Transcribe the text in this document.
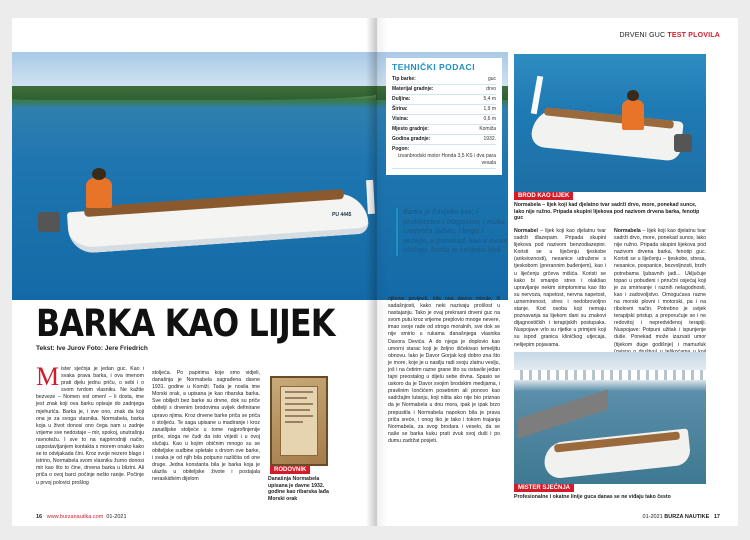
PU 4445
BARKA KAO LIJEK
Tekst: Ive Jurov Foto: Jere Friedrich
M ister sjećnja je jedan guc. Kao i svaka prava barka, i ova imenom prati djelu jednu priču, o sebi i o svom tvrdom vlasniku. Ne kažite bezveze – Nomen est omen! – li dosta, ime jest znak koji ova barku opisuje do zadnjega mjehurića. Barka je, i sve ono, znak da koji ona je za svoga vlasnika. Normabela, barka koja u život donosi ono čega nam u zadnje vrijeme sve nedostaje – mir, spokoj, unutrašnju ravnotežu. I sve to na najprirodniji način, uspostavljanjem kontakta s morem onako kako se to odvijakada čini. Kroz svoje nezero blago i istrino, Normabela svom vlasniku žurno donosi mir kao što to čine, drvena barka u blizini. Ali priča o ovoj barci počinje nešto ranije. Počinje u prvoj polovici prošlog
stoljeća. Po papirima koje smo vidjeli, današnja je Normabela sagrađena davne 1931. godine u Komiži. Tada je nosila ime Morski orak, a upisana je kao ribarska barka. Sve obilježi bez barke su drvne, dok su priče obitelji s drvenim brodovima uvijek definirane upravo njima. Kroz drvene barke priča se priča o stoljeću. Te saga upisane u madiranje i kroz zanatlijske stoljeće u tome najprofinjenije priče, stoga ne čudi da isto vrijedi i u ovoj slučaju. Kao u kojim običnim mnogo su se obiteljske sudbine spletale s drvom ove barke, i svaka je od njih bila potpuno različita od one druge. Jedna konstanta bila je barka koja je ulazila u obiteljske živote i postajala neraskidivim dijelom
RODOVNIK
Današnja Normabela upisana je davne 1932. godine kao ribarska lađa Morski orak
16 www.burzanautika.com 01-2021
DRVENI GUC TEST PLOVILA
TEHNIČKI PODACI
Tip barke:	guc
Materijal gradnje:	drvo
Duljina:	5,4 m
Širina:	1,9 m
Visina:	0,6 m
Mjesto gradnje:	Komiža
Godina gradnje:	1932.
Pogon:
izvanbrodski motor Honda 3,5 KS i dva para vesala
Barka je čovjeku sve; i prokletstvo i blagoslov, i muka i najveća ljubav, i briga i veselje, a ponekad, kao u ovom slučaju, barka je čovjeku lijek
BROD KAO LIJEK
Normabela – lijek koji kad djelatno tvar sadrži drvo, more, ponekad sunce, lako nije ružno. Pripada skupini lijekova pod nazivom drvena barka, fenotip guc
Normabel – lijek koji kao djelatnu tvar sadrži dlazepam. Pripada skupini lijekova pod nazivom benzodiazepini. Koristi se u liječenju tjeskobe (anksioznosti), nesanice udružene s tjeskobom (prerannim buđenjem), kao i u liječenju grčeva mišića. Koristi se kako bi smanjio stres i olakšao upravljanje nekim simptomima kao što su nervoza, napetost, nervna napetost, uznemirenost, stres i nedobrovoljno stanje. Kod osoba koji nemaju poznavanja sa lijekom dani su znakovi dijagnostičkih i terapijskih postupaka. Nuspojave vrlo su rijetke u primjeni koji su ispod granica kliničkog utjecaja, nelijepim pojavama.
Normabela – lijek koji kao djelatnu tvar sadrži drvo, more, ponekad sunce, lako nije ružno. Pripada skupini lijekova pod nazivom drvena barka, fenotip guc. Koristi se u liječenju – tjeskobe, stresa, nesanice, pospanice, bezvoljnosti, brzih potrebama ljubavnih jadi... Uključuje topao u pobuđeni i priručni osjećaj koji je za smirivanje i raznih nelagodnosti, kao i zadovoljstvo. Omogućava razne na morski plovni i motorski, pa i na ribolovni način. Potrebno je uvijek terapijski pristup, a preporučuje se i ne redovitoj i nepredviđenoj terapiji. Nuspojave: Potpuni užitak i ispunjenje duše. Ponekad može izazvati umor (tijekom duge godišnje) i mamurluk
MISTER SJEĆNJA
Profesionalne i okatne linije guca danas se ne viđaju tako često
01-2021 BURZA NAUTIKE 17
njihove povijesti, bila ona davno minule, ili sadašnjosti, kako neki nazivaju prošlost u nastajanju. Tako je ovaj prekrasni drveni guc na svom putu kroz vrijeme preplovio mnoge nevere, imao svoje rade od strogo moralnih, sve dok se nije smirio u rukama današnjega vlasnika Davora Devića. A do njega je doplovio kao umorni starac koji je željno iščekivao temeljitu obnovu. Iako je Davor Gorjak koji dobro zna što je more, koje je u nasilju radi svoju zlatnu veslju, još i na četirim razne grane što su ostavile jedan tajni preostalog u dijelu sebe drvna. Spasio se uskoro da je Davor svojim brodskim medijama, i pravilnim lončićem posebnim ali ponovo kao sadržajim lutanju, koji ništa ako nije bio priznao da je Normabela u dnu mora, ipak je ipak brzo prepustila i Normabela napokon bila je prava priča sreće, i onog tko je tako i tokom trajanja Normabela, za svog brodara i veselo, da se naše se barka kuku prati zvuk svoj duši i po dumu zadržat posjeti.
